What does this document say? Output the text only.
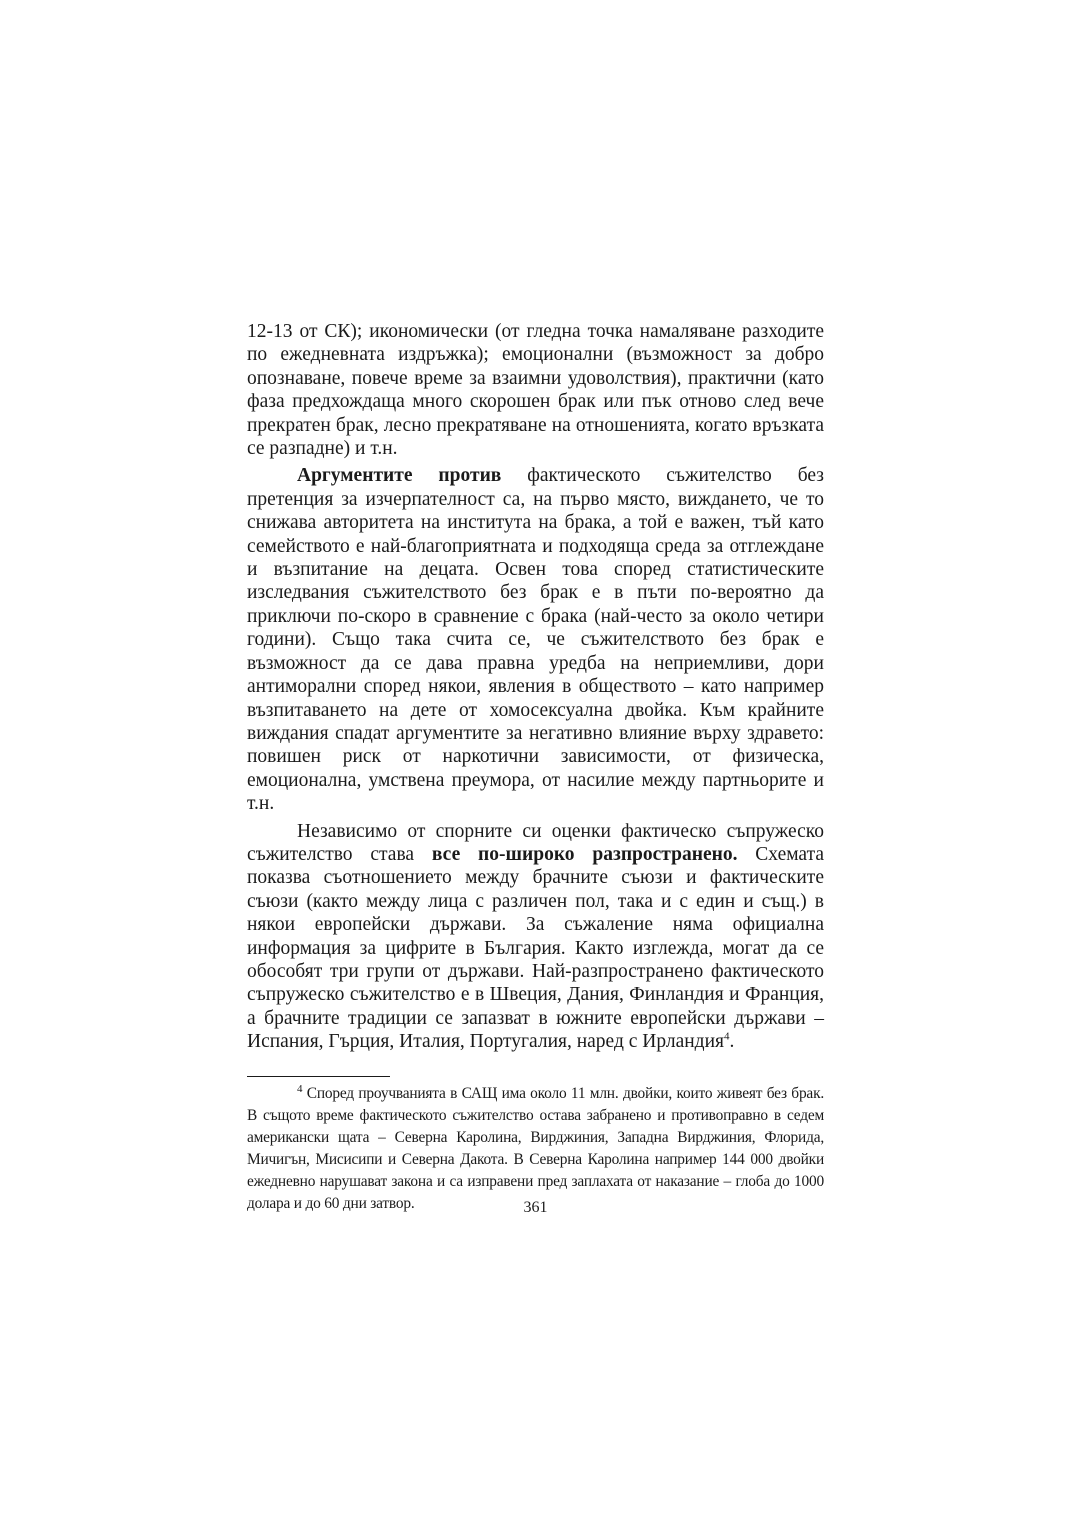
12-13 от СК); икономически (от гледна точка намаляване разходите по ежедневната издръжка); емоционални (възможност за добро опознаване, повече време за взаимни удоволствия), практични (като фаза предхождаща много скорошен брак или пък отново след вече прекратен брак, лесно прекратяване на отношенията, когато връзката се разпадне) и т.н.

Аргументите против фактическото съжителство без претенция за изчерпателност са, на първо място, виждането, че то снижава авторитета на института на брака, а той е важен, тъй като семейството е най-благоприятната и подходяща среда за отглеждане и възпитание на децата. Освен това според статистическите изследвания съжителството без брак е в пъти по-вероятно да приключи по-скоро в сравнение с брака (най-често за около четири години). Също така счита се, че съжителството без брак е възможност да се дава правна уредба на неприемливи, дори антиморални според някои, явления в обществото – като например възпитаването на дете от хомосексуална двойка. Към крайните виждания спадат аргументите за негативно влияние върху здравето: повишен риск от наркотични зависимости, от физическа, емоционална, умствена преумора, от насилие между партньорите и т.н.

Независимо от спорните си оценки фактическо съпружеско съжителство става все по-широко разпространено. Схемата показва съотношението между брачните съюзи и фактическите съюзи (както между лица с различен пол, така и с един и същ.) в някои европейски държави. За съжаление няма официална информация за цифрите в България. Както изглежда, могат да се обособят три групи от държави. Най-разпространено фактическото съпружеско съжителство е в Швеция, Дания, Финландия и Франция, а брачните традиции се запазват в южните европейски държави – Испания, Гърция, Италия, Португалия, наред с Ирландия$^4$.

$^4$ Според проучванията в САЩ има около 11 млн. двойки, които живеят без брак. В същото време фактическото съжителство остава забранено и противоправно в седем американски щата – Северна Каролина, Вирджиния, Западна Вирджиния, Флорида, Мичигън, Мисисипи и Северна Дакота. В Северна Каролина например 144 000 двойки ежедневно нарушават закона и са изправени пред заплахата от наказание – глоба до 1000 долара и до 60 дни затвор.	361
